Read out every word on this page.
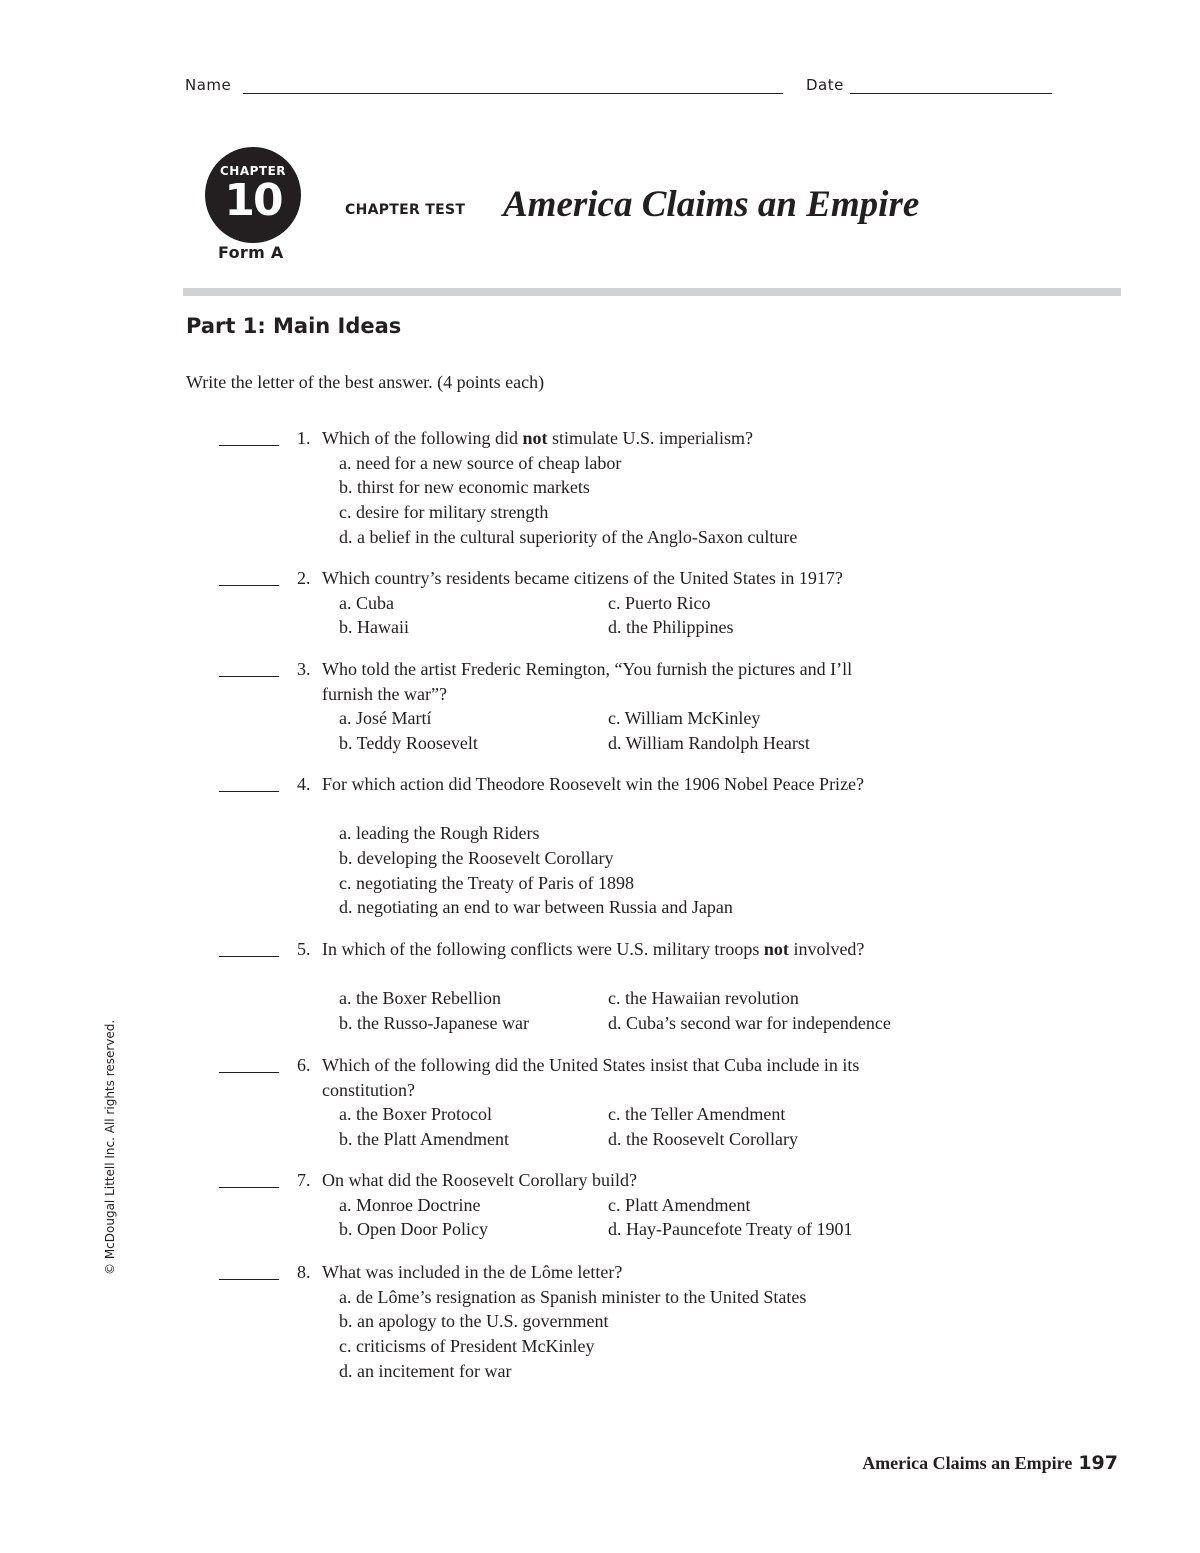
Name	Date
CHAPTER
10
Form A
CHAPTER TEST America Claims an Empire
Part 1: Main Ideas
Write the letter of the best answer. (4 points each)
1. Which of the following did not stimulate U.S. imperialism?
a. need for a new source of cheap labor
b. thirst for new economic markets
c. desire for military strength
d. a belief in the cultural superiority of the Anglo-Saxon culture
2. Which country’s residents became citizens of the United States in 1917?
a. Cuba	c. Puerto Rico
b. Hawaii	d. the Philippines
3. Who told the artist Frederic Remington, “You furnish the pictures and I’ll furnish the war”?
a. José Martí	c. William McKinley
b. Teddy Roosevelt	d. William Randolph Hearst
4. For which action did Theodore Roosevelt win the 1906 Nobel Peace Prize?
a. leading the Rough Riders
b. developing the Roosevelt Corollary
c. negotiating the Treaty of Paris of 1898
d. negotiating an end to war between Russia and Japan
5. In which of the following conflicts were U.S. military troops not involved?
a. the Boxer Rebellion	c. the Hawaiian revolution
b. the Russo-Japanese war	d. Cuba’s second war for independence
6. Which of the following did the United States insist that Cuba include in its constitution?
a. the Boxer Protocol	c. the Teller Amendment
b. the Platt Amendment	d. the Roosevelt Corollary
7. On what did the Roosevelt Corollary build?
a. Monroe Doctrine	c. Platt Amendment
b. Open Door Policy	d. Hay-Pauncefote Treaty of 1901
8. What was included in the de Lôme letter?
a. de Lôme’s resignation as Spanish minister to the United States
b. an apology to the U.S. government
c. criticisms of President McKinley
d. an incitement for war
© McDougal Littell Inc. All rights reserved.
America Claims an Empire 197
